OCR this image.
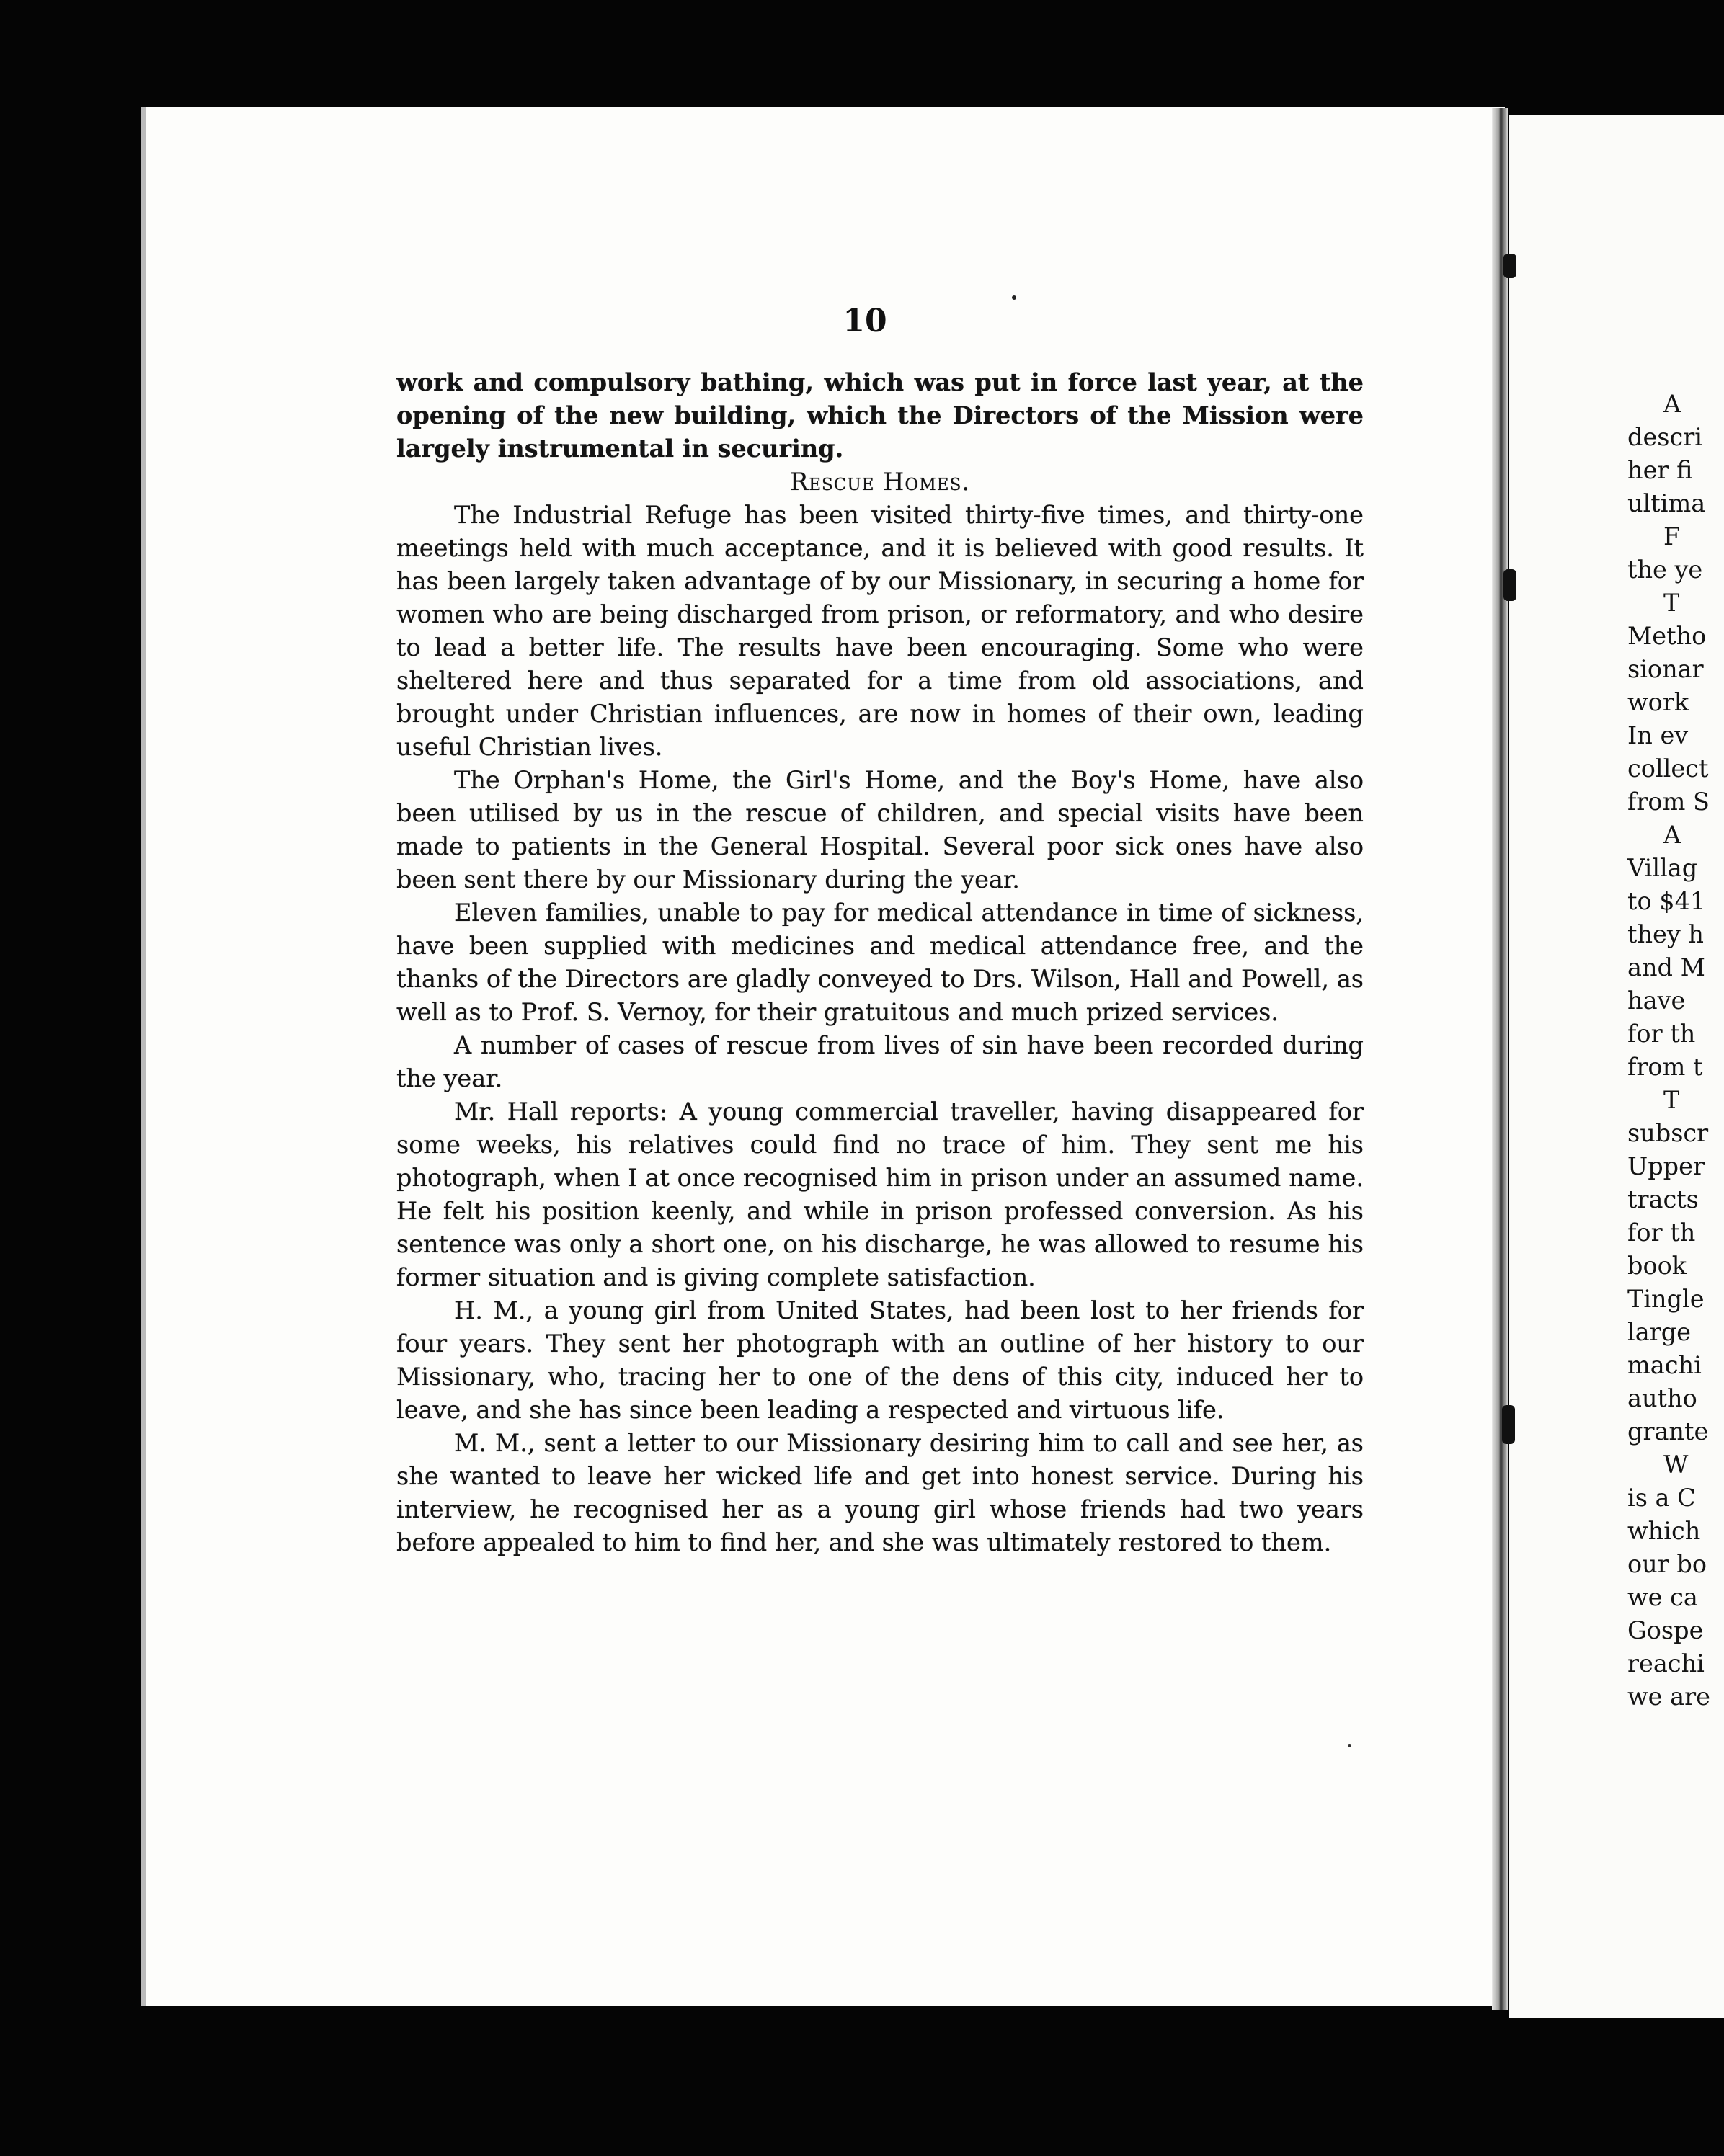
10

work and compulsory bathing, which was put in force last year, at the opening of the new building, which the Directors of the Mission were largely instrumental in securing.

Rescue Homes.

The Industrial Refuge has been visited thirty-five times, and thirty-one meetings held with much acceptance, and it is believed with good results. It has been largely taken advantage of by our Missionary, in securing a home for women who are being discharged from prison, or reformatory, and who desire to lead a better life. The results have been encouraging. Some who were sheltered here and thus separated for a time from old associations, and brought under Christian influences, are now in homes of their own, leading useful Christian lives.

The Orphan's Home, the Girl's Home, and the Boy's Home, have also been utilised by us in the rescue of children, and special visits have been made to patients in the General Hospital. Several poor sick ones have also been sent there by our Missionary during the year.

Eleven families, unable to pay for medical attendance in time of sickness, have been supplied with medicines and medical attendance free, and the thanks of the Directors are gladly conveyed to Drs. Wilson, Hall and Powell, as well as to Prof. S. Vernoy, for their gratuitous and much prized services.

A number of cases of rescue from lives of sin have been recorded during the year.

Mr. Hall reports: A young commercial traveller, having disappeared for some weeks, his relatives could find no trace of him. They sent me his photograph, when I at once recognised him in prison under an assumed name. He felt his position keenly, and while in prison professed conversion. As his sentence was only a short one, on his discharge, he was allowed to resume his former situation and is giving complete satisfaction.

H. M., a young girl from United States, had been lost to her friends for four years. They sent her photograph with an outline of her history to our Missionary, who, tracing her to one of the dens of this city, induced her to leave, and she has since been leading a respected and virtuous life.

M. M., sent a letter to our Missionary desiring him to call and see her, as she wanted to leave her wicked life and get into honest service. During his interview, he recognised her as a young girl whose friends had two years before appealed to him to find her, and she was ultimately restored to them.

A
descri
her fi
ultima
F
the ye
T
Metho
sionar
work
In ev
collect
from S
A
Villag
to $41
they h
and M
have
for th
from t
T
subscr
Upper
tracts
for th
book
Tingle
large
machi
autho
grante
W
is a C
which
our bo
we ca
Gospe
reachi
we are
